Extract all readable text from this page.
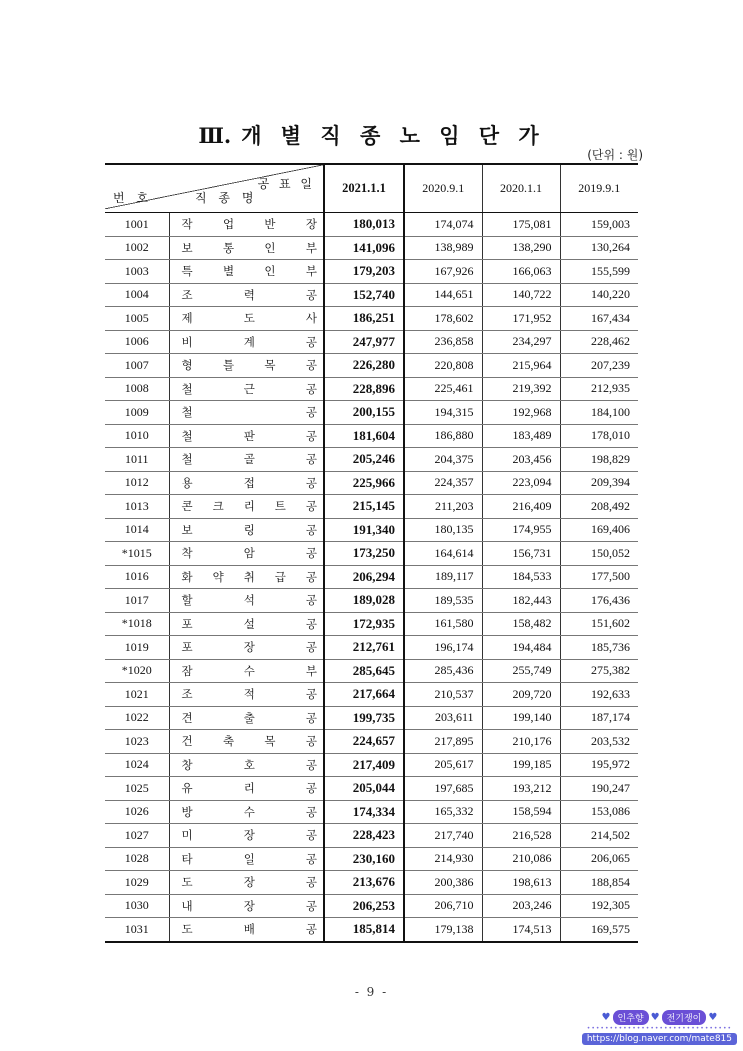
Ⅲ. 개 별 직 종 노 임 단 가
(단위 : 원)
공 표 일
번 호 직 종 명		2021.1.1	2020.9.1	2020.1.1	2019.9.1
1001	작 업 반 장	180,013	174,074	175,081	159,003
1002	보 통 인 부	141,096	138,989	138,290	130,264
1003	특 별 인 부	179,203	167,926	166,063	155,599
1004	조 력 공	152,740	144,651	140,722	140,220
1005	제 도 사	186,251	178,602	171,952	167,434
1006	비 계 공	247,977	236,858	234,297	228,462
1007	형 틀 목 공	226,280	220,808	215,964	207,239
1008	철 근 공	228,896	225,461	219,392	212,935
1009	철 공	200,155	194,315	192,968	184,100
1010	철 판 공	181,604	186,880	183,489	178,010
1011	철 골 공	205,246	204,375	203,456	198,829
1012	용 접 공	225,966	224,357	223,094	209,394
1013	콘 크 리 트 공	215,145	211,203	216,409	208,492
1014	보 링 공	191,340	180,135	174,955	169,406
*1015	착 암 공	173,250	164,614	156,731	150,052
1016	화 약 취 급 공	206,294	189,117	184,533	177,500
1017	할 석 공	189,028	189,535	182,443	176,436
*1018	포 설 공	172,935	161,580	158,482	151,602
1019	포 장 공	212,761	196,174	194,484	185,736
*1020	잠 수 부	285,645	285,436	255,749	275,382
1021	조 적 공	217,664	210,537	209,720	192,633
1022	견 출 공	199,735	203,611	199,140	187,174
1023	건 축 목 공	224,657	217,895	210,176	203,532
1024	창 호 공	217,409	205,617	199,185	195,972
1025	유 리 공	205,044	197,685	193,212	190,247
1026	방 수 공	174,334	165,332	158,594	153,086
1027	미 장 공	228,423	217,740	216,528	214,502
1028	타 일 공	230,160	214,930	210,086	206,065
1029	도 장 공	213,676	200,386	198,613	188,854
1030	내 장 공	206,253	206,710	203,246	192,305
1031	도 배 공	185,814	179,138	174,513	169,575
- 9 -
♥ 인추향 ♥ 전기쟁이 ♥
••••••••••••••••••••••••••••••••
https://blog.naver.com/mate815
